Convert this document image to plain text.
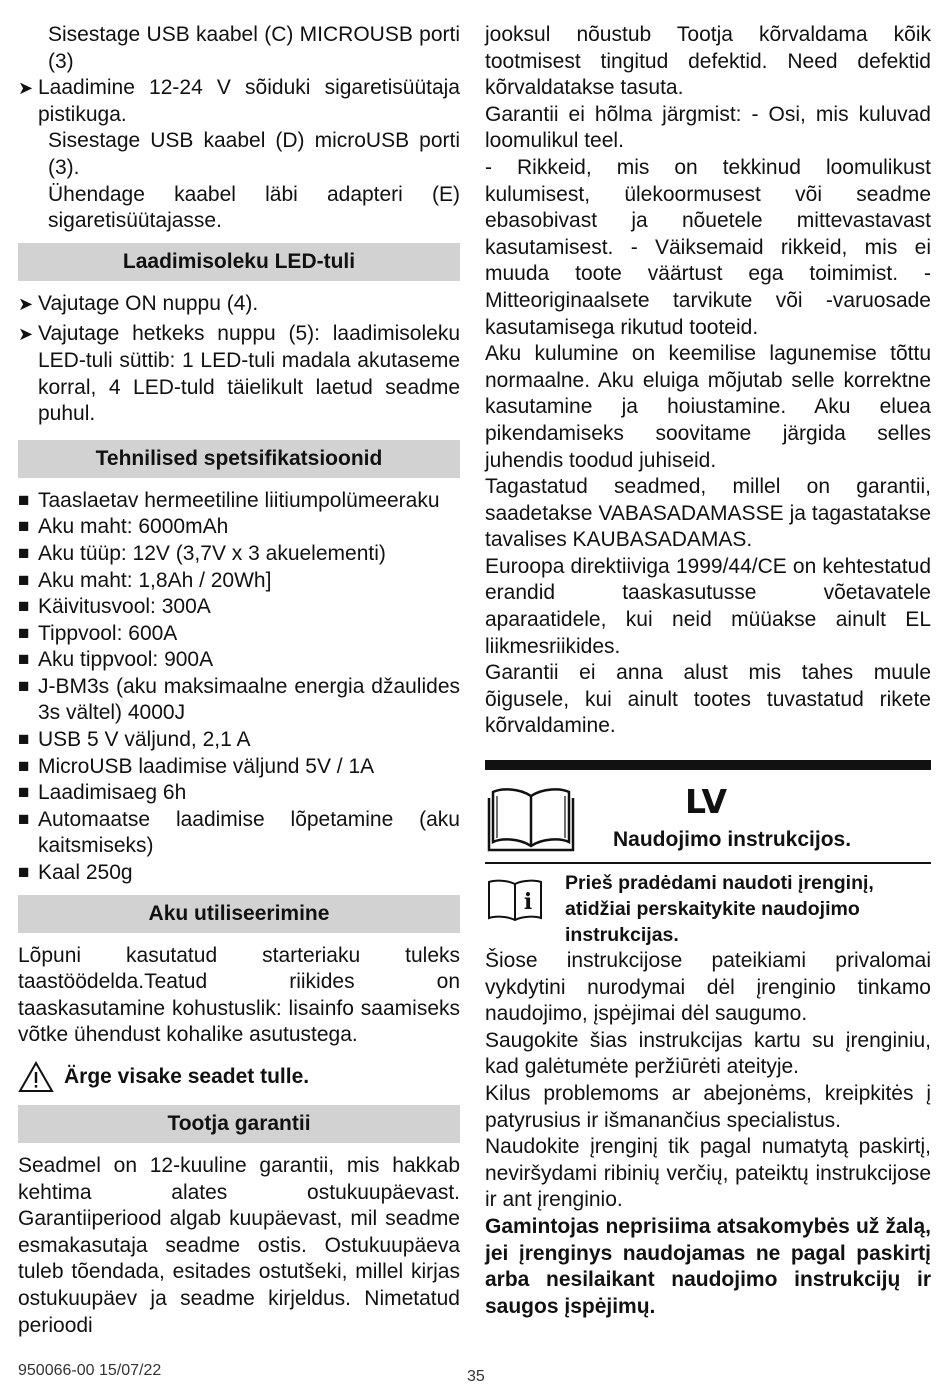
Sisestage USB kaabel (C) MICROUSB porti (3)

➤ Laadimine 12-24 V sõiduki sigaretisüütaja pistikuga.

Sisestage USB kaabel (D) microUSB porti (3).

Ühendage kaabel läbi adapteri (E) sigaretisüütajasse.

Laadimisoleku LED-tuli

➤ Vajutage ON nuppu (4).

➤ Vajutage hetkeks nuppu (5): laadimisoleku LED-tuli süttib: 1 LED-tuli madala akutaseme korral, 4 LED-tuld täielikult laetud seadme puhul.

Tehnilised spetsifikatsioonid

■ Taaslaetav hermeetiline liitiumpolümeeraku

■ Aku maht: 6000mAh

■ Aku tüüp: 12V (3,7V x 3 akuelementi)

■ Aku maht: 1,8Ah / 20Wh]

■ Käivitusvool: 300A

■ Tippvool: 600A

■ Aku tippvool: 900A

■ J-BM3s (aku maksimaalne energia džaulides 3s vältel) 4000J

■ USB 5 V väljund, 2,1 A

■ MicroUSB laadimise väljund 5V / 1A

■ Laadimisaeg 6h

■ Automaatse laadimise lõpetamine (aku kaitsmiseks)

■ Kaal 250g

Aku utiliseerimine

Lõpuni kasutatud starteriaku tuleks taastöödelda.Teatud riikides on taaskasutamine kohustuslik: lisainfo saamiseks võtke ühendust kohalike asutustega.

Ärge visake seadet tulle.
Tootja garantii

Seadmel on 12-kuuline garantii, mis hakkab kehtima alates ostukuupäevast. Garantiiperiood algab kuupäevast, mil seadme esmakasutaja seadme ostis. Ostukuupäeva tuleb tõendada, esitades ostutšeki, millel kirjas ostukuupäev ja seadme kirjeldus. Nimetatud perioodi

jooksul nõustub Tootja kõrvaldama kõik tootmisest tingitud defektid. Need defektid kõrvaldatakse tasuta.

Garantii ei hõlma järgmist: - Osi, mis kuluvad loomulikul teel.

- Rikkeid, mis on tekkinud loomulikust kulumisest, ülekoormusest või seadme ebasobivast ja nõuetele mittevastavast kasutamisest. - Väiksemaid rikkeid, mis ei muuda toote väärtust ega toimimist. - Mitteoriginaalsete tarvikute või -varuosade kasutamisega rikutud tooteid.

Aku kulumine on keemilise lagunemise tõttu normaalne. Aku eluiga mõjutab selle korrektne kasutamine ja hoiustamine. Aku eluea pikendamiseks soovitame järgida selles juhendis toodud juhiseid.

Tagastatud seadmed, millel on garantii, saadetakse VABASADAMASSE ja tagastatakse tavalises KAUBASADAMAS.

Euroopa direktiiviga 1999/44/CE on kehtestatud erandid taaskasutusse võetavatele aparaatidele, kui neid müüakse ainult EL liikmesriikides.

Garantii ei anna alust mis tahes muule õigusele, kui ainult tootes tuvastatud rikete kõrvaldamine.

LV
Naudojimo instrukcijos.
i
Prieš pradėdami naudoti įrenginį, atidžiai perskaitykite naudojimo instrukcijas.

Šiose instrukcijose pateikiami privalomai vykdytini nurodymai dėl įrenginio tinkamo naudojimo, įspėjimai dėl saugumo.

Saugokite šias instrukcijas kartu su įrenginiu, kad galėtumėte peržiūrėti ateityje.

Kilus problemoms ar abejonėms, kreipkitės į patyrusius ir išmanančius specialistus.

Naudokite įrenginį tik pagal numatytą paskirtį, neviršydami ribinių verčių, pateiktų instrukcijose ir ant įrenginio.

Gamintojas neprisiima atsakomybės už žalą, jei įrenginys naudojamas ne pagal paskirtį arba nesilaikant naudojimo instrukcijų ir saugos įspėjimų.

950066-00 15/07/22	35
